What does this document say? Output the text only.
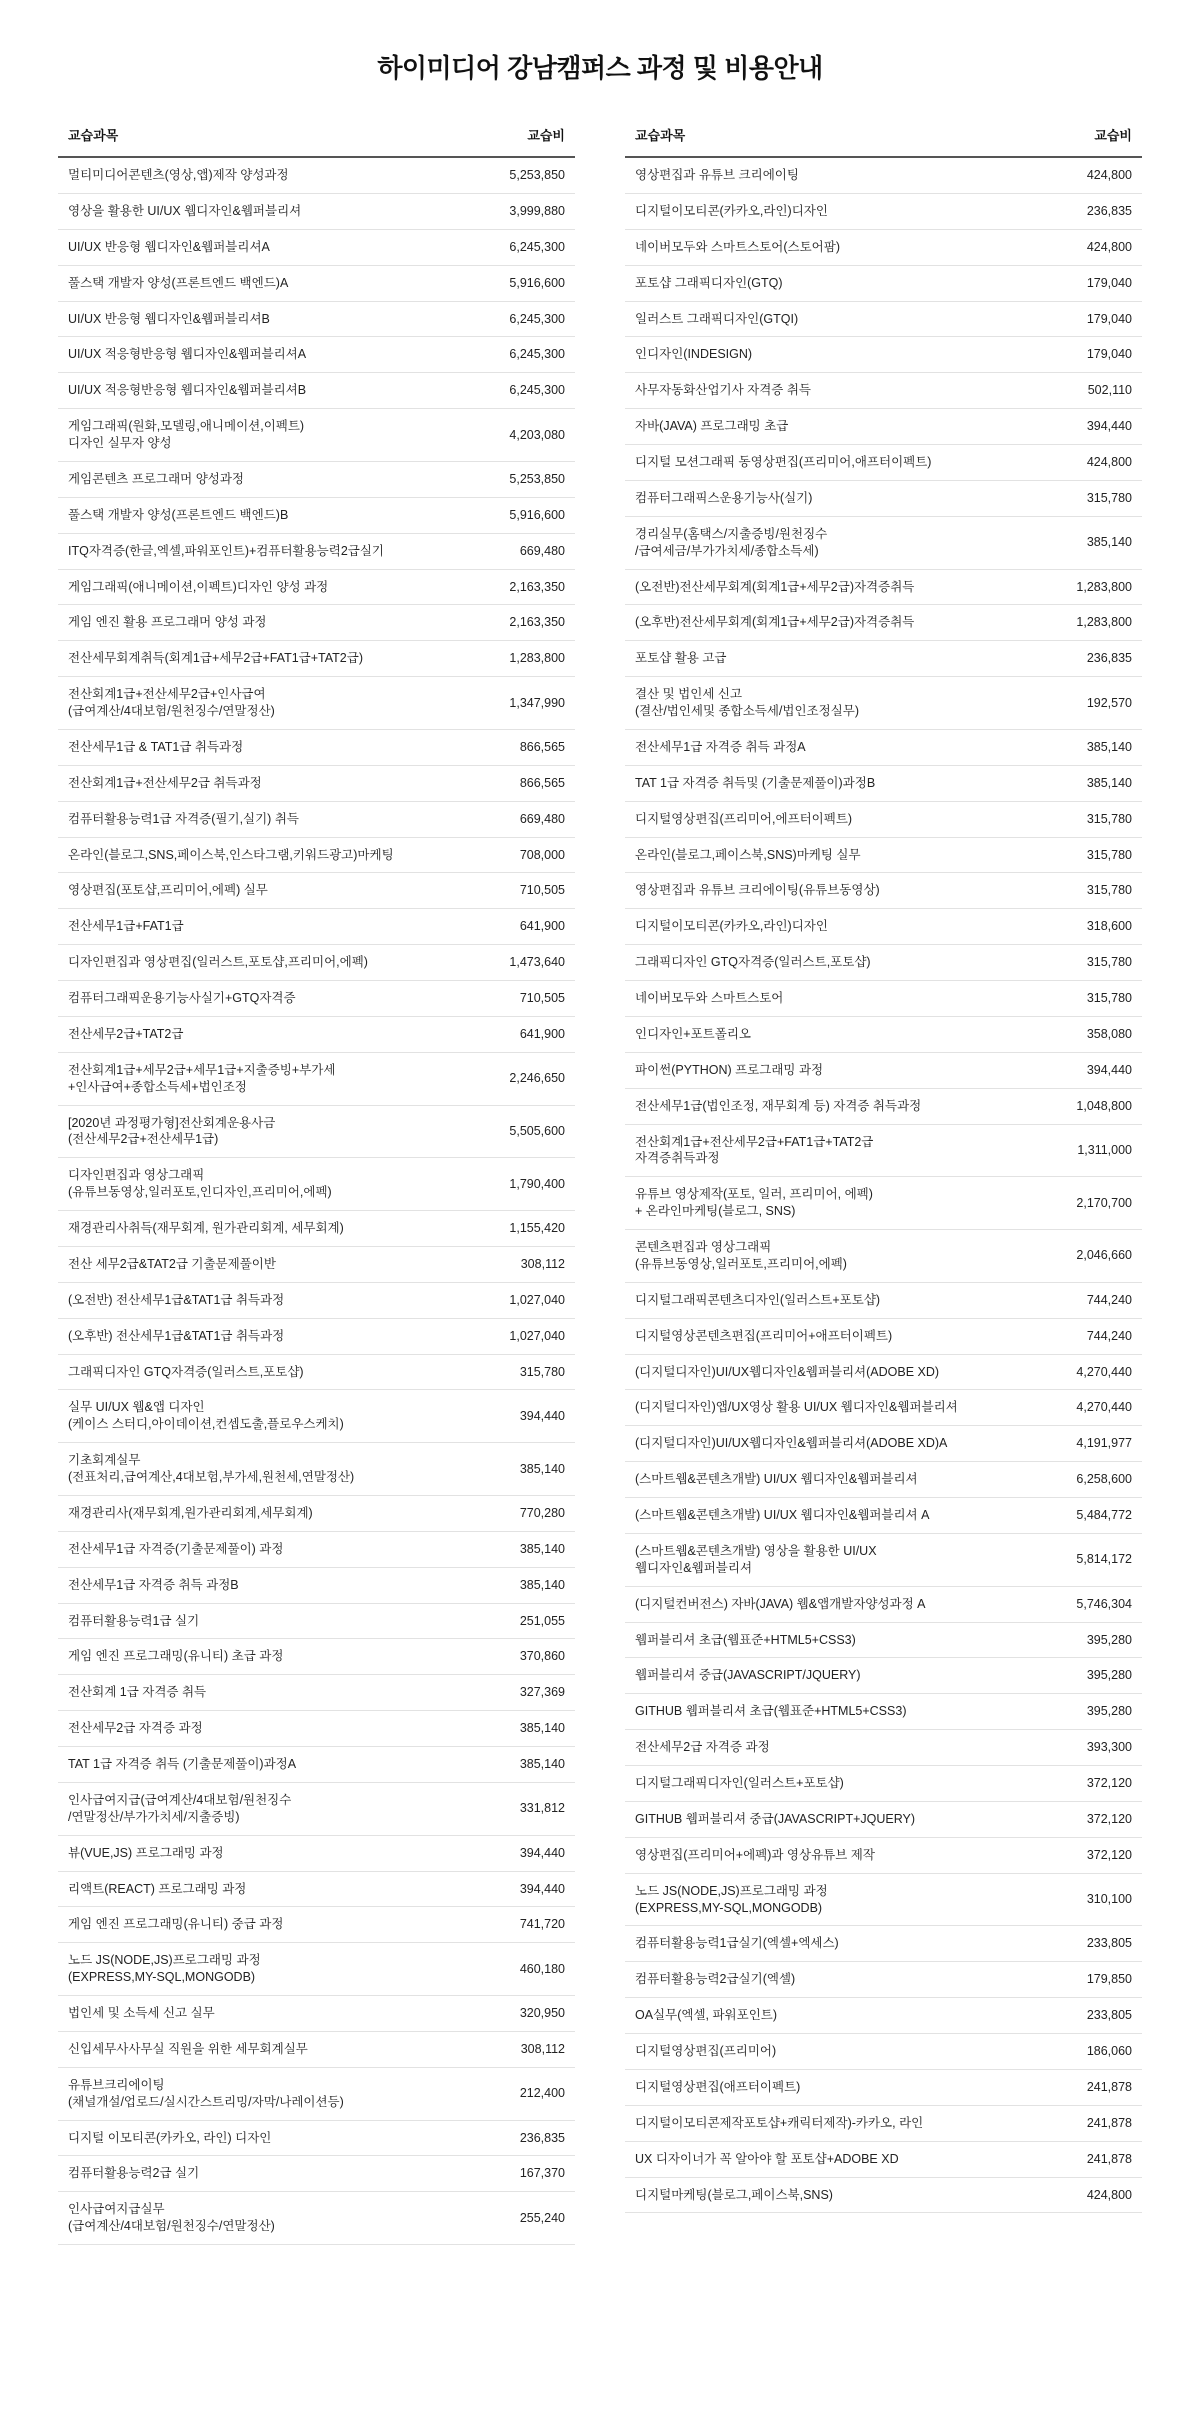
하이미디어 강남캠퍼스 과정 및 비용안내
교습과목	교습비
멀티미디어콘텐츠(영상,앱)제작 양성과정	5,253,850
영상을 활용한 UI/UX 웹디자인&웹퍼블리셔	3,999,880
UI/UX 반응형 웹디자인&웹퍼블리셔A	6,245,300
풀스택 개발자 양성(프론트엔드 백엔드)A	5,916,600
UI/UX 반응형 웹디자인&웹퍼블리셔B	6,245,300
UI/UX 적응형반응형 웹디자인&웹퍼블리셔A	6,245,300
UI/UX 적응형반응형 웹디자인&웹퍼블리셔B	6,245,300
게임그래픽(원화,모델링,애니메이션,이펙트)
디자인 실무자 양성	4,203,080
게임콘텐츠 프로그래머 양성과정	5,253,850
풀스택 개발자 양성(프론트엔드 백엔드)B	5,916,600
ITQ자격증(한글,엑셀,파워포인트)+컴퓨터활용능력2급실기	669,480
게임그래픽(애니메이션,이펙트)디자인 양성 과정	2,163,350
게임 엔진 활용 프로그래머 양성 과정	2,163,350
전산세무회계취득(회계1급+세무2급+FAT1급+TAT2급)	1,283,800
전산회계1급+전산세무2급+인사급여
(급여계산/4대보험/원천징수/연말정산)	1,347,990
전산세무1급 & TAT1급 취득과정	866,565
전산회계1급+전산세무2급 취득과정	866,565
컴퓨터활용능력1급 자격증(필기,실기) 취득	669,480
온라인(블로그,SNS,페이스북,인스타그램,키워드광고)마케팅	708,000
영상편집(포토샵,프리미어,에펙) 실무	710,505
전산세무1급+FAT1급	641,900
디자인편집과 영상편집(일러스트,포토샵,프리미어,에펙)	1,473,640
컴퓨터그래픽운용기능사실기+GTQ자격증	710,505
전산세무2급+TAT2급	641,900
전산회계1급+세무2급+세무1급+지출증빙+부가세
+인사급여+종합소득세+법인조정	2,246,650
[2020년 과정평가형]전산회계운용사금
(전산세무2급+전산세무1급)	5,505,600
디자인편집과 영상그래픽
(유튜브동영상,일러포토,인디자인,프리미어,에펙)	1,790,400
재경관리사취득(재무회계, 원가관리회계, 세무회계)	1,155,420
전산 세무2급&TAT2급 기출문제풀이반	308,112
(오전반) 전산세무1급&TAT1급 취득과정	1,027,040
(오후반) 전산세무1급&TAT1급 취득과정	1,027,040
그래픽디자인 GTQ자격증(일러스트,포토샵)	315,780
실무 UI/UX 웹&앱 디자인
(케이스 스터디,아이데이션,컨셉도출,플로우스케치)	394,440
기초회계실무
(전표처리,급여계산,4대보험,부가세,원천세,연말정산)	385,140
재경관리사(재무회계,원가관리회계,세무회계)	770,280
전산세무1급 자격증(기출문제풀이) 과정	385,140
전산세무1급 자격증 취득 과정B	385,140
컴퓨터활용능력1급 실기	251,055
게임 엔진 프로그래밍(유니티) 초급 과정	370,860
전산회계 1급 자격증 취득	327,369
전산세무2급 자격증 과정	385,140
TAT 1급 자격증 취득 (기출문제풀이)과정A	385,140
인사급여지급(급여계산/4대보험/원천징수
/연말정산/부가가치세/지출증빙)	331,812
뷰(VUE,JS) 프로그래밍 과정	394,440
리액트(REACT) 프로그래밍 과정	394,440
게임 엔진 프로그래밍(유니티) 중급 과정	741,720
노드 JS(NODE,JS)프로그래밍 과정
(EXPRESS,MY-SQL,MONGODB)	460,180
법인세 및 소득세 신고 실무	320,950
신입세무사사무실 직원을 위한 세무회계실무	308,112
유튜브크리에이팅
(채널개설/업로드/실시간스트리밍/자막/나레이션등)	212,400
디지털 이모티콘(카카오, 라인) 디자인	236,835
컴퓨터활용능력2급 실기	167,370
인사급여지급실무
(급여계산/4대보험/원천징수/연말정산)	255,240
교습과목	교습비
영상편집과 유튜브 크리에이팅	424,800
디지털이모티콘(카카오,라인)디자인	236,835
네이버모두와 스마트스토어(스토어팜)	424,800
포토샵 그래픽디자인(GTQ)	179,040
일러스트 그래픽디자인(GTQI)	179,040
인디자인(INDESIGN)	179,040
사무자동화산업기사 자격증 취득	502,110
자바(JAVA) 프로그래밍 초급	394,440
디지털 모션그래픽 동영상편집(프리미어,애프터이펙트)	424,800
컴퓨터그래픽스운용기능사(실기)	315,780
경리실무(홈택스/지출증빙/원천징수
/급여세금/부가가치세/종합소득세)	385,140
(오전반)전산세무회계(회계1급+세무2급)자격증취득	1,283,800
(오후반)전산세무회계(회계1급+세무2급)자격증취득	1,283,800
포토샵 활용 고급	236,835
결산 및 법인세 신고
(결산/법인세및 종합소득세/법인조정실무)	192,570
전산세무1급 자격증 취득 과정A	385,140
TAT 1급 자격증 취득및 (기출문제풀이)과정B	385,140
디지털영상편집(프리미어,에프터이펙트)	315,780
온라인(블로그,페이스북,SNS)마케팅 실무	315,780
영상편집과 유튜브 크리에이팅(유튜브동영상)	315,780
디지털이모티콘(카카오,라인)디자인	318,600
그래픽디자인 GTQ자격증(일러스트,포토샵)	315,780
네이버모두와 스마트스토어	315,780
인디자인+포트폴리오	358,080
파이썬(PYTHON) 프로그래밍 과정	394,440
전산세무1급(법인조정, 재무회계 등) 자격증 취득과정	1,048,800
전산회계1급+전산세무2급+FAT1급+TAT2급
자격증취득과정	1,311,000
유튜브 영상제작(포토, 일러, 프리미어, 에펙)
+ 온라인마케팅(블로그, SNS)	2,170,700
콘텐츠편집과 영상그래픽
(유튜브동영상,일러포토,프리미어,에펙)	2,046,660
디지털그래픽콘텐츠디자인(일러스트+포토샵)	744,240
디지털영상콘텐츠편집(프리미어+애프터이펙트)	744,240
(디지털디자인)UI/UX웹디자인&웹퍼블리셔(ADOBE XD)	4,270,440
(디지털디자인)앱/UX영상 활용 UI/UX 웹디자인&웹퍼블리셔	4,270,440
(디지털디자인)UI/UX웹디자인&웹퍼블리셔(ADOBE XD)A	4,191,977
(스마트웹&콘텐츠개발) UI/UX 웹디자인&웹퍼블리셔	6,258,600
(스마트웹&콘텐츠개발) UI/UX 웹디자인&웹퍼블리셔 A	5,484,772
(스마트웹&콘텐츠개발) 영상을 활용한 UI/UX
웹디자인&웹퍼블리셔	5,814,172
(디지털컨버전스) 자바(JAVA) 웹&앱개발자양성과정 A	5,746,304
웹퍼블리셔 초급(웹표준+HTML5+CSS3)	395,280
웹퍼블리셔 중급(JAVASCRIPT/JQUERY)	395,280
GITHUB 웹퍼블리셔 초급(웹표준+HTML5+CSS3)	395,280
전산세무2급 자격증 과정	393,300
디지털그래픽디자인(일러스트+포토샵)	372,120
GITHUB 웹퍼블리셔 중급(JAVASCRIPT+JQUERY)	372,120
영상편집(프리미어+에펙)과 영상유튜브 제작	372,120
노드 JS(NODE,JS)프로그래밍 과정
(EXPRESS,MY-SQL,MONGODB)	310,100
컴퓨터활용능력1급실기(엑셀+엑세스)	233,805
컴퓨터활용능력2급실기(엑셀)	179,850
OA실무(엑셀, 파워포인트)	233,805
디지털영상편집(프리미어)	186,060
디지털영상편집(애프터이펙트)	241,878
디지털이모티콘제작포토샵+캐릭터제작)-카카오, 라인	241,878
UX 디자이너가 꼭 알아야 할 포토샵+ADOBE XD	241,878
디지털마케팅(블로그,페이스북,SNS)	424,800
